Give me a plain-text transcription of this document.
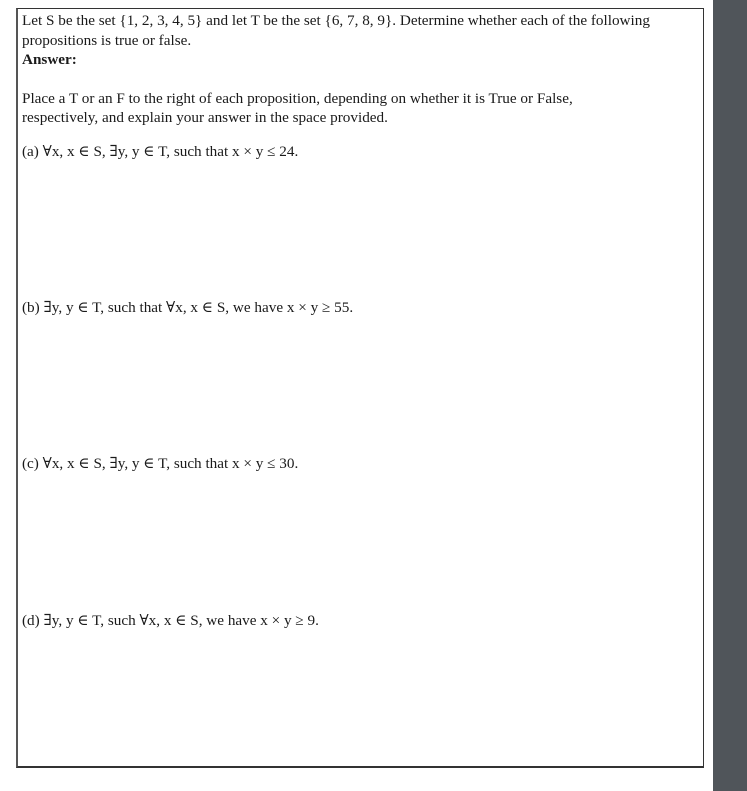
Let S be the set {1, 2, 3, 4, 5} and let T be the set {6, 7, 8, 9}. Determine whether each of the following
propositions is true or false.
Answer:
Place a T or an F to the right of each proposition, depending on whether it is True or False,
respectively, and explain your answer in the space provided.
(a) ∀x, x ∈ S, ∃y, y ∈ T, such that x × y ≤ 24.
(b) ∃y, y ∈ T, such that ∀x, x ∈ S, we have x × y ≥ 55.
(c) ∀x, x ∈ S, ∃y, y ∈ T, such that x × y ≤ 30.
(d) ∃y, y ∈ T, such ∀x, x ∈ S, we have x × y ≥ 9.
